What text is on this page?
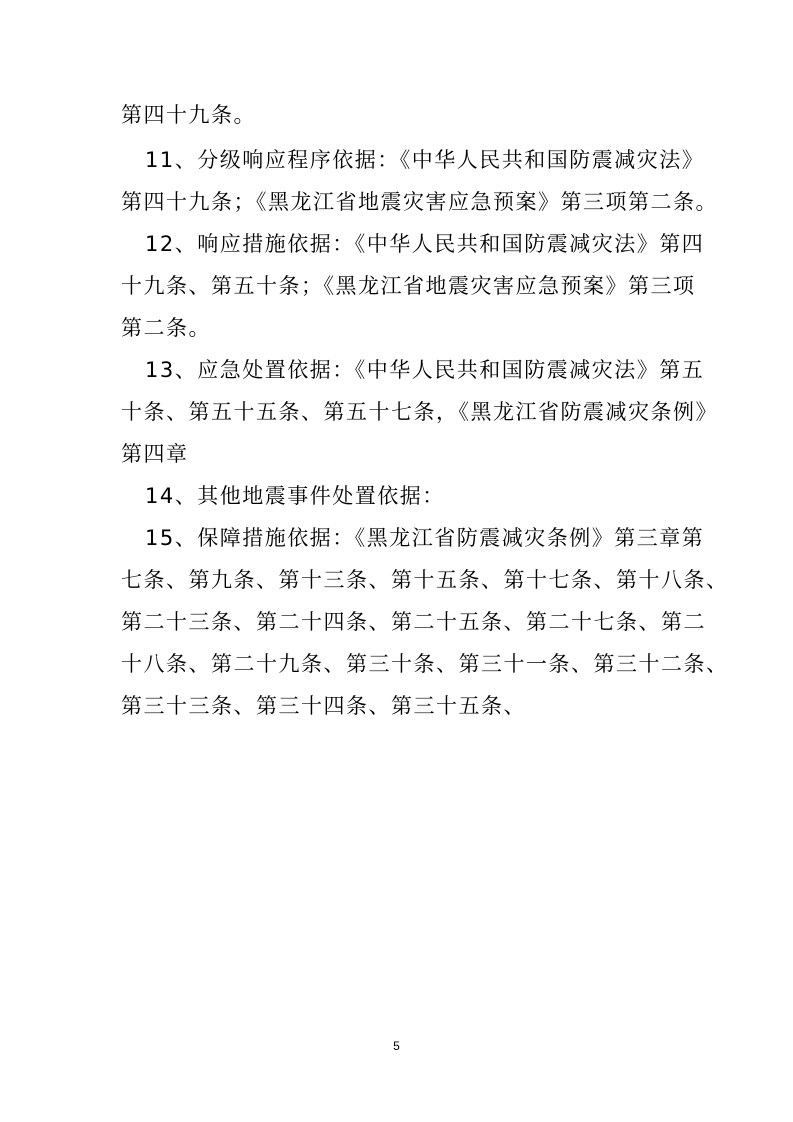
第四十九条。
11、分级响应程序依据：《中华人民共和国防震减灾法》
第四十九条；《黑龙江省地震灾害应急预案》第三项第二条。
12、响应措施依据：《中华人民共和国防震减灾法》第四
十九条、第五十条；《黑龙江省地震灾害应急预案》第三项
第二条。
13、应急处置依据：《中华人民共和国防震减灾法》第五
十条、第五十五条、第五十七条，《黑龙江省防震减灾条例》
第四章
14、其他地震事件处置依据：
15、保障措施依据：《黑龙江省防震减灾条例》第三章第
七条、第九条、第十三条、第十五条、第十七条、第十八条、
第二十三条、第二十四条、第二十五条、第二十七条、第二
十八条、第二十九条、第三十条、第三十一条、第三十二条、
第三十三条、第三十四条、第三十五条、
5
